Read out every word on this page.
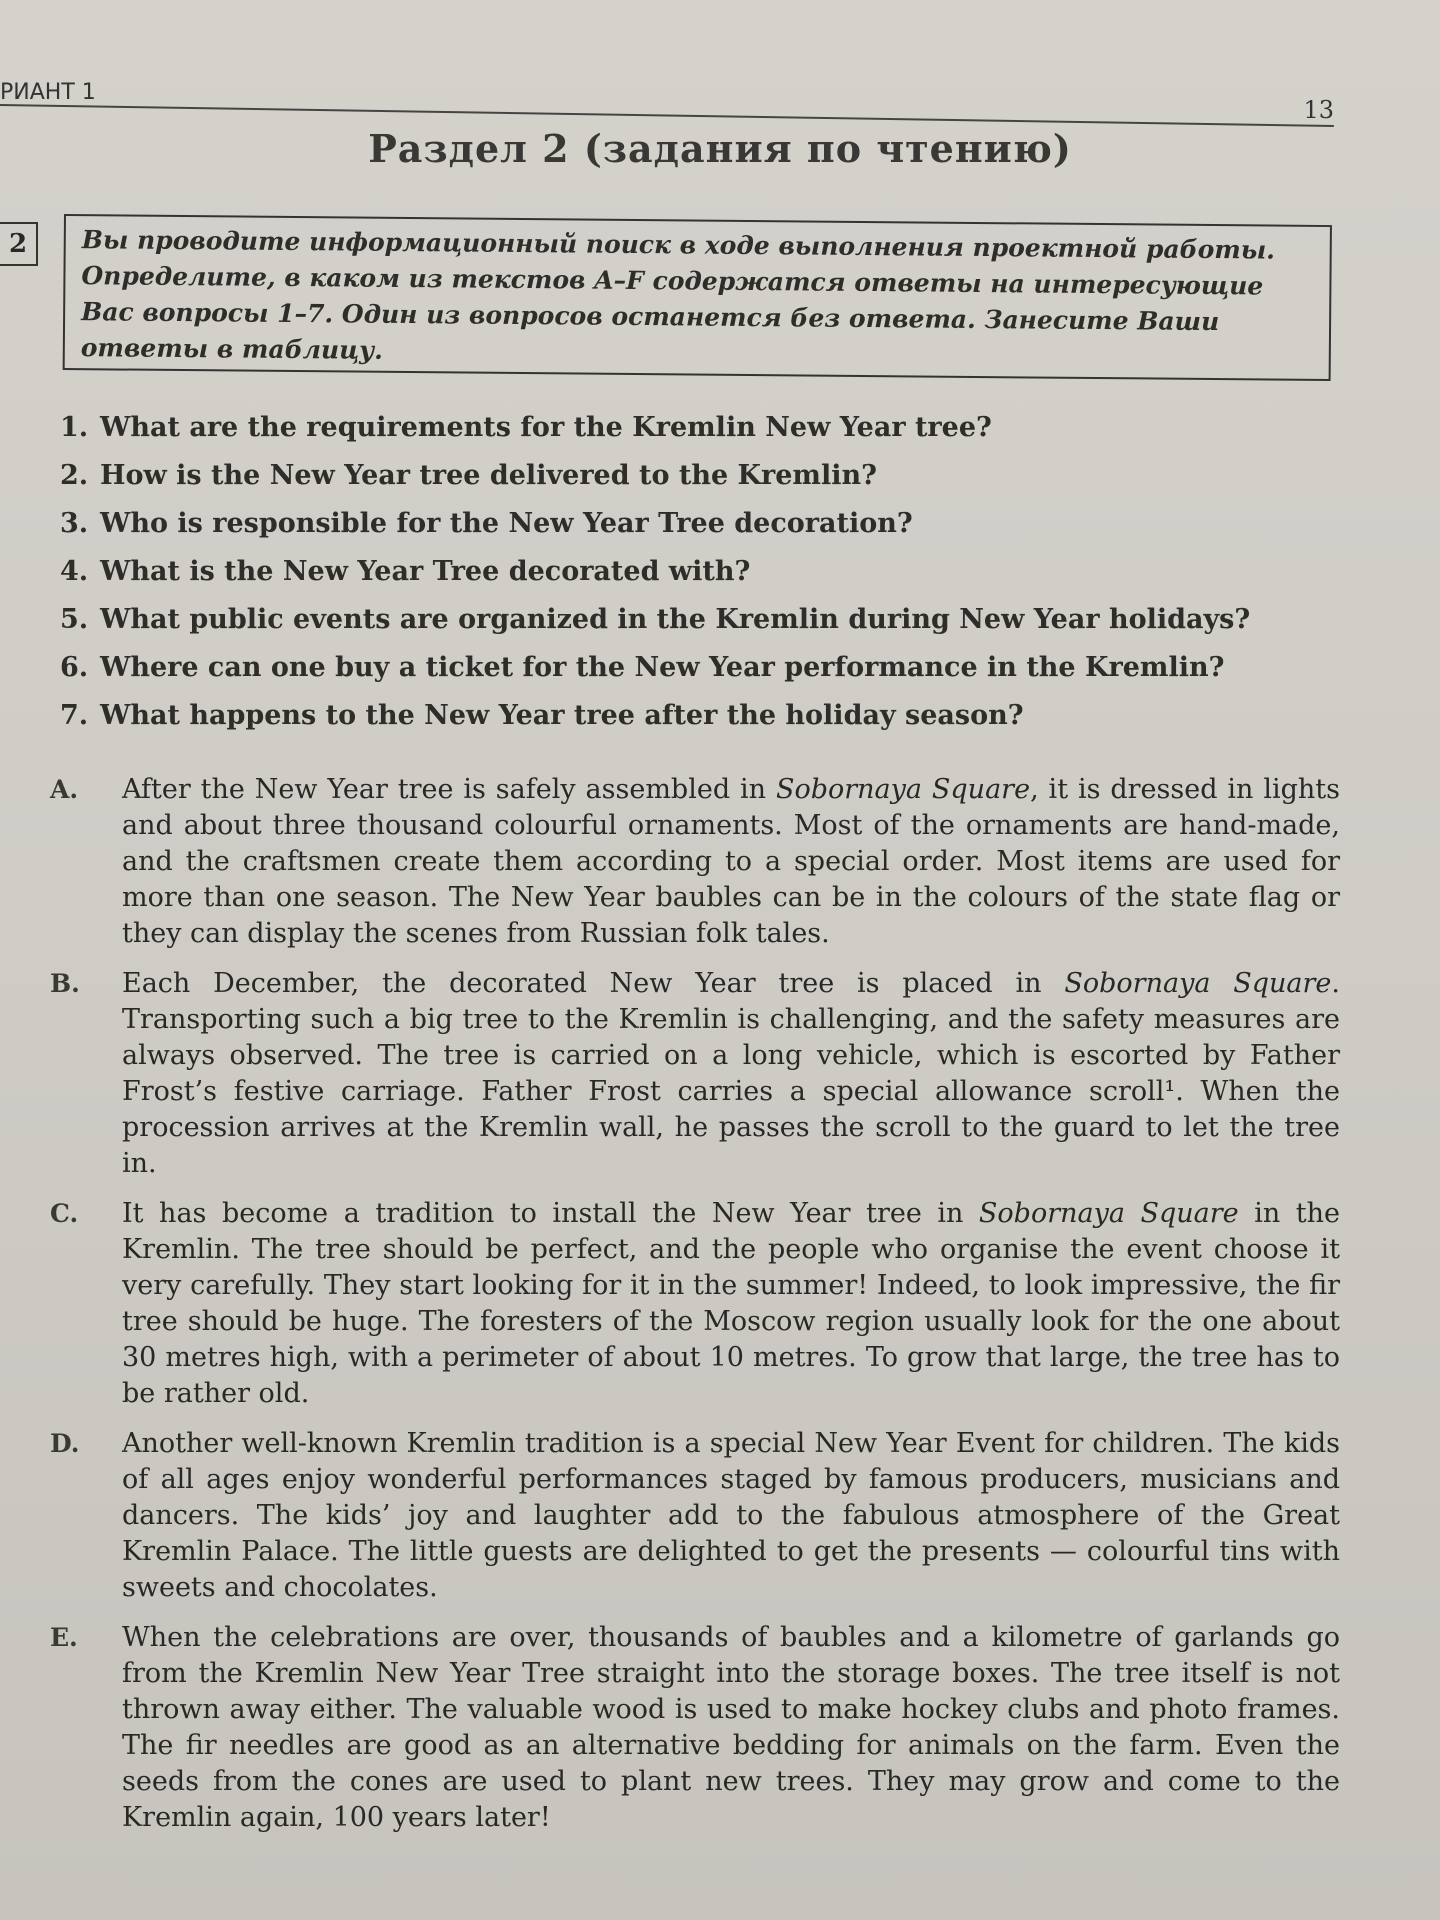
РИАНТ 1
13
Раздел 2 (задания по чтению)
2	Вы проводите информационный поиск в ходе выполнения проектной работы. Определите, в каком из текстов A–F содержатся ответы на интересующие Вас вопросы 1–7. Один из вопросов останется без ответа. Занесите Ваши ответы в таблицу.
1. What are the requirements for the Kremlin New Year tree?
2. How is the New Year tree delivered to the Kremlin?
3. Who is responsible for the New Year Tree decoration?
4. What is the New Year Tree decorated with?
5. What public events are organized in the Kremlin during New Year holidays?
6. Where can one buy a ticket for the New Year performance in the Kremlin?
7. What happens to the New Year tree after the holiday season?
A.	After the New Year tree is safely assembled in Sobornaya Square, it is dressed in lights and about three thousand colourful ornaments. Most of the ornaments are hand-made, and the craftsmen create them according to a special order. Most items are used for more than one season. The New Year baubles can be in the colours of the state flag or they can display the scenes from Russian folk tales.
B.	Each December, the decorated New Year tree is placed in Sobornaya Square. Transporting such a big tree to the Kremlin is challenging, and the safety measures are always observed. The tree is carried on a long vehicle, which is escorted by Father Frost’s festive carriage. Father Frost carries a special allowance scroll¹. When the procession arrives at the Kremlin wall, he passes the scroll to the guard to let the tree in.
C.	It has become a tradition to install the New Year tree in Sobornaya Square in the Kremlin. The tree should be perfect, and the people who organise the event choose it very carefully. They start looking for it in the summer! Indeed, to look impressive, the fir tree should be huge. The foresters of the Moscow region usually look for the one about 30 metres high, with a perimeter of about 10 metres. To grow that large, the tree has to be rather old.
D.	Another well-known Kremlin tradition is a special New Year Event for children. The kids of all ages enjoy wonderful performances staged by famous producers, musicians and dancers. The kids’ joy and laughter add to the fabulous atmosphere of the Great Kremlin Palace. The little guests are delighted to get the presents — colourful tins with sweets and chocolates.
E.	When the celebrations are over, thousands of baubles and a kilometre of garlands go from the Kremlin New Year Tree straight into the storage boxes. The tree itself is not thrown away either. The valuable wood is used to make hockey clubs and photo frames. The fir needles are good as an alternative bedding for animals on the farm. Even the seeds from the cones are used to plant new trees. They may grow and come to the Kremlin again, 100 years later!
